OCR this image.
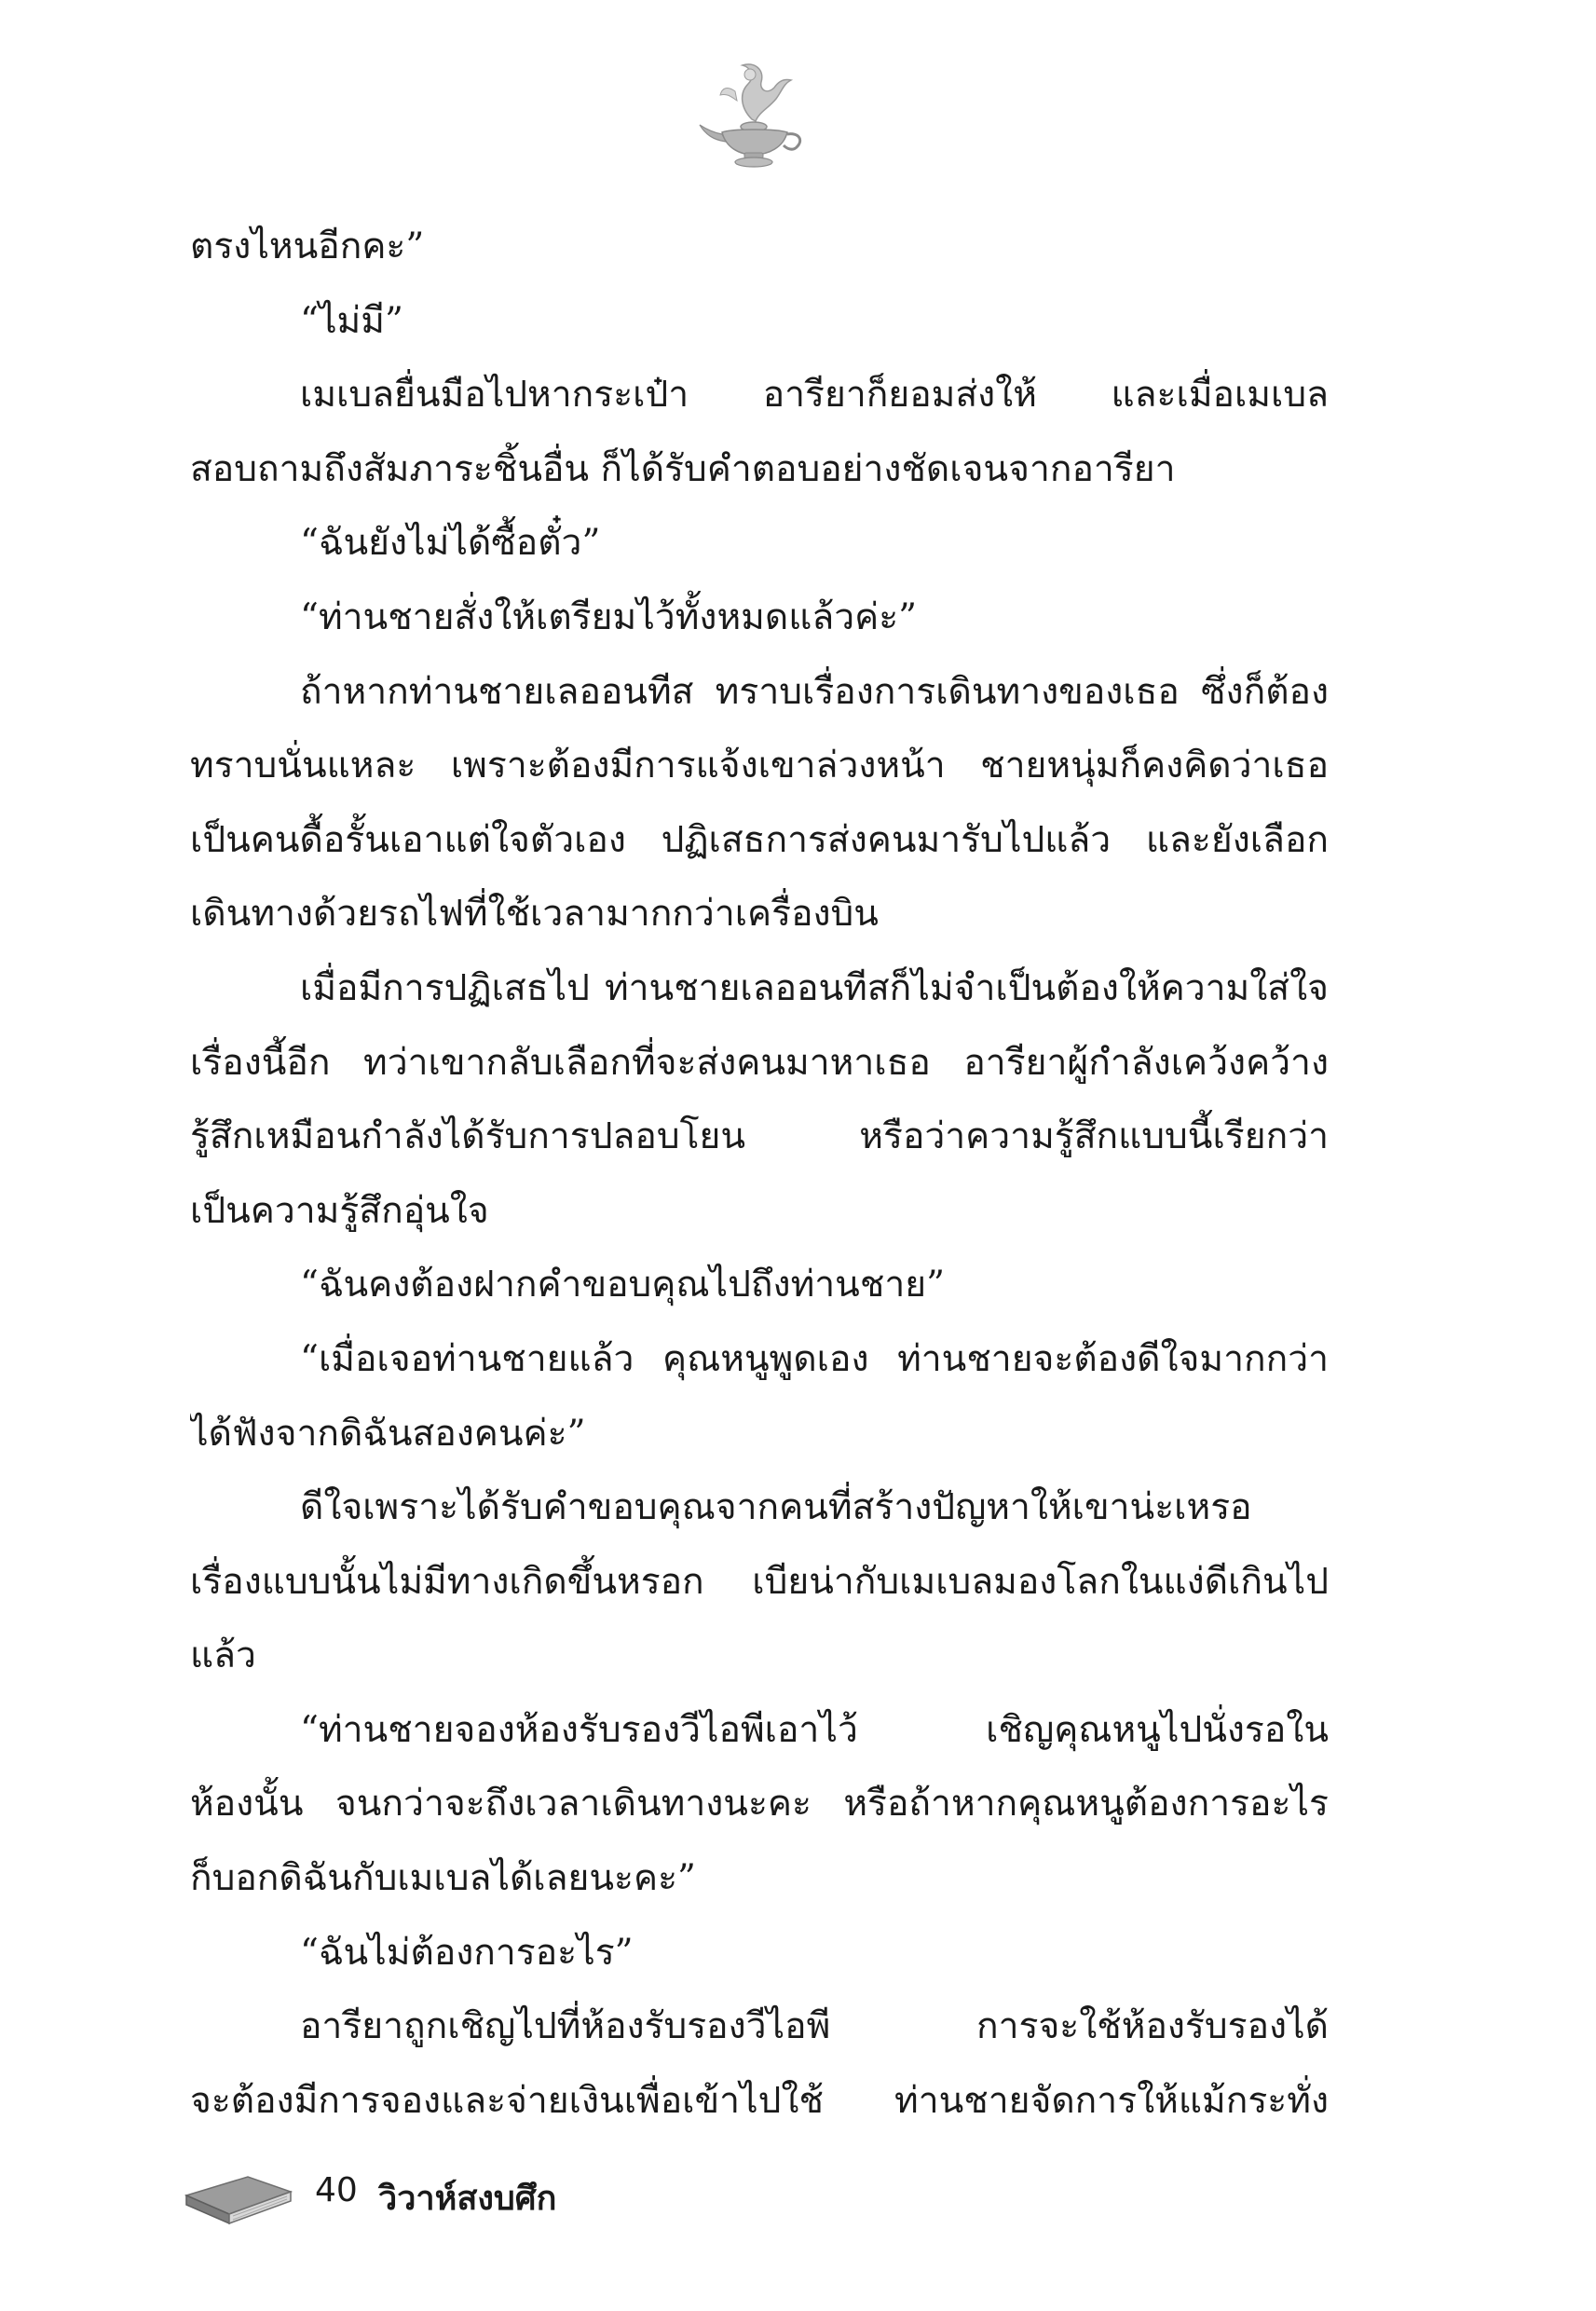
ตรงไหนอีกคะ”
“ไม่มี”
เมเบลยื่นมือไปหากระเป๋า อารียาก็ยอมส่งให้ และเมื่อเมเบล
สอบถามถึงสัมภาระชิ้นอื่น ก็ได้รับคำตอบอย่างชัดเจนจากอารียา
“ฉันยังไม่ได้ซื้อตั๋ว”
“ท่านชายสั่งให้เตรียมไว้ทั้งหมดแล้วค่ะ”
ถ้าหากท่านชายเลออนทีส ทราบเรื่องการเดินทางของเธอ ซึ่งก็ต้อง
ทราบนั่นแหละ เพราะต้องมีการแจ้งเขาล่วงหน้า ชายหนุ่มก็คงคิดว่าเธอ
เป็นคนดื้อรั้นเอาแต่ใจตัวเอง ปฏิเสธการส่งคนมารับไปแล้ว และยังเลือก
เดินทางด้วยรถไฟที่ใช้เวลามากกว่าเครื่องบิน
เมื่อมีการปฏิเสธไป ท่านชายเลออนทีสก็ไม่จำเป็นต้องให้ความใส่ใจ
เรื่องนี้อีก ทว่าเขากลับเลือกที่จะส่งคนมาหาเธอ อารียาผู้กำลังเคว้งคว้าง
รู้สึกเหมือนกำลังได้รับการปลอบโยน หรือว่าความรู้สึกแบบนี้เรียกว่า
เป็นความรู้สึกอุ่นใจ
“ฉันคงต้องฝากคำขอบคุณไปถึงท่านชาย”
“เมื่อเจอท่านชายแล้ว คุณหนูพูดเอง ท่านชายจะต้องดีใจมากกว่า
ได้ฟังจากดิฉันสองคนค่ะ”
ดีใจเพราะได้รับคำขอบคุณจากคนที่สร้างปัญหาให้เขาน่ะเหรอ
เรื่องแบบนั้นไม่มีทางเกิดขึ้นหรอก เบียน่ากับเมเบลมองโลกในแง่ดีเกินไป
แล้ว
“ท่านชายจองห้องรับรองวีไอพีเอาไว้ เชิญคุณหนูไปนั่งรอใน
ห้องนั้น จนกว่าจะถึงเวลาเดินทางนะคะ หรือถ้าหากคุณหนูต้องการอะไร
ก็บอกดิฉันกับเมเบลได้เลยนะคะ”
“ฉันไม่ต้องการอะไร”
อารียาถูกเชิญไปที่ห้องรับรองวีไอพี การจะใช้ห้องรับรองได้
จะต้องมีการจองและจ่ายเงินเพื่อเข้าไปใช้ ท่านชายจัดการให้แม้กระทั่ง
40 วิวาห์สงบศึก
